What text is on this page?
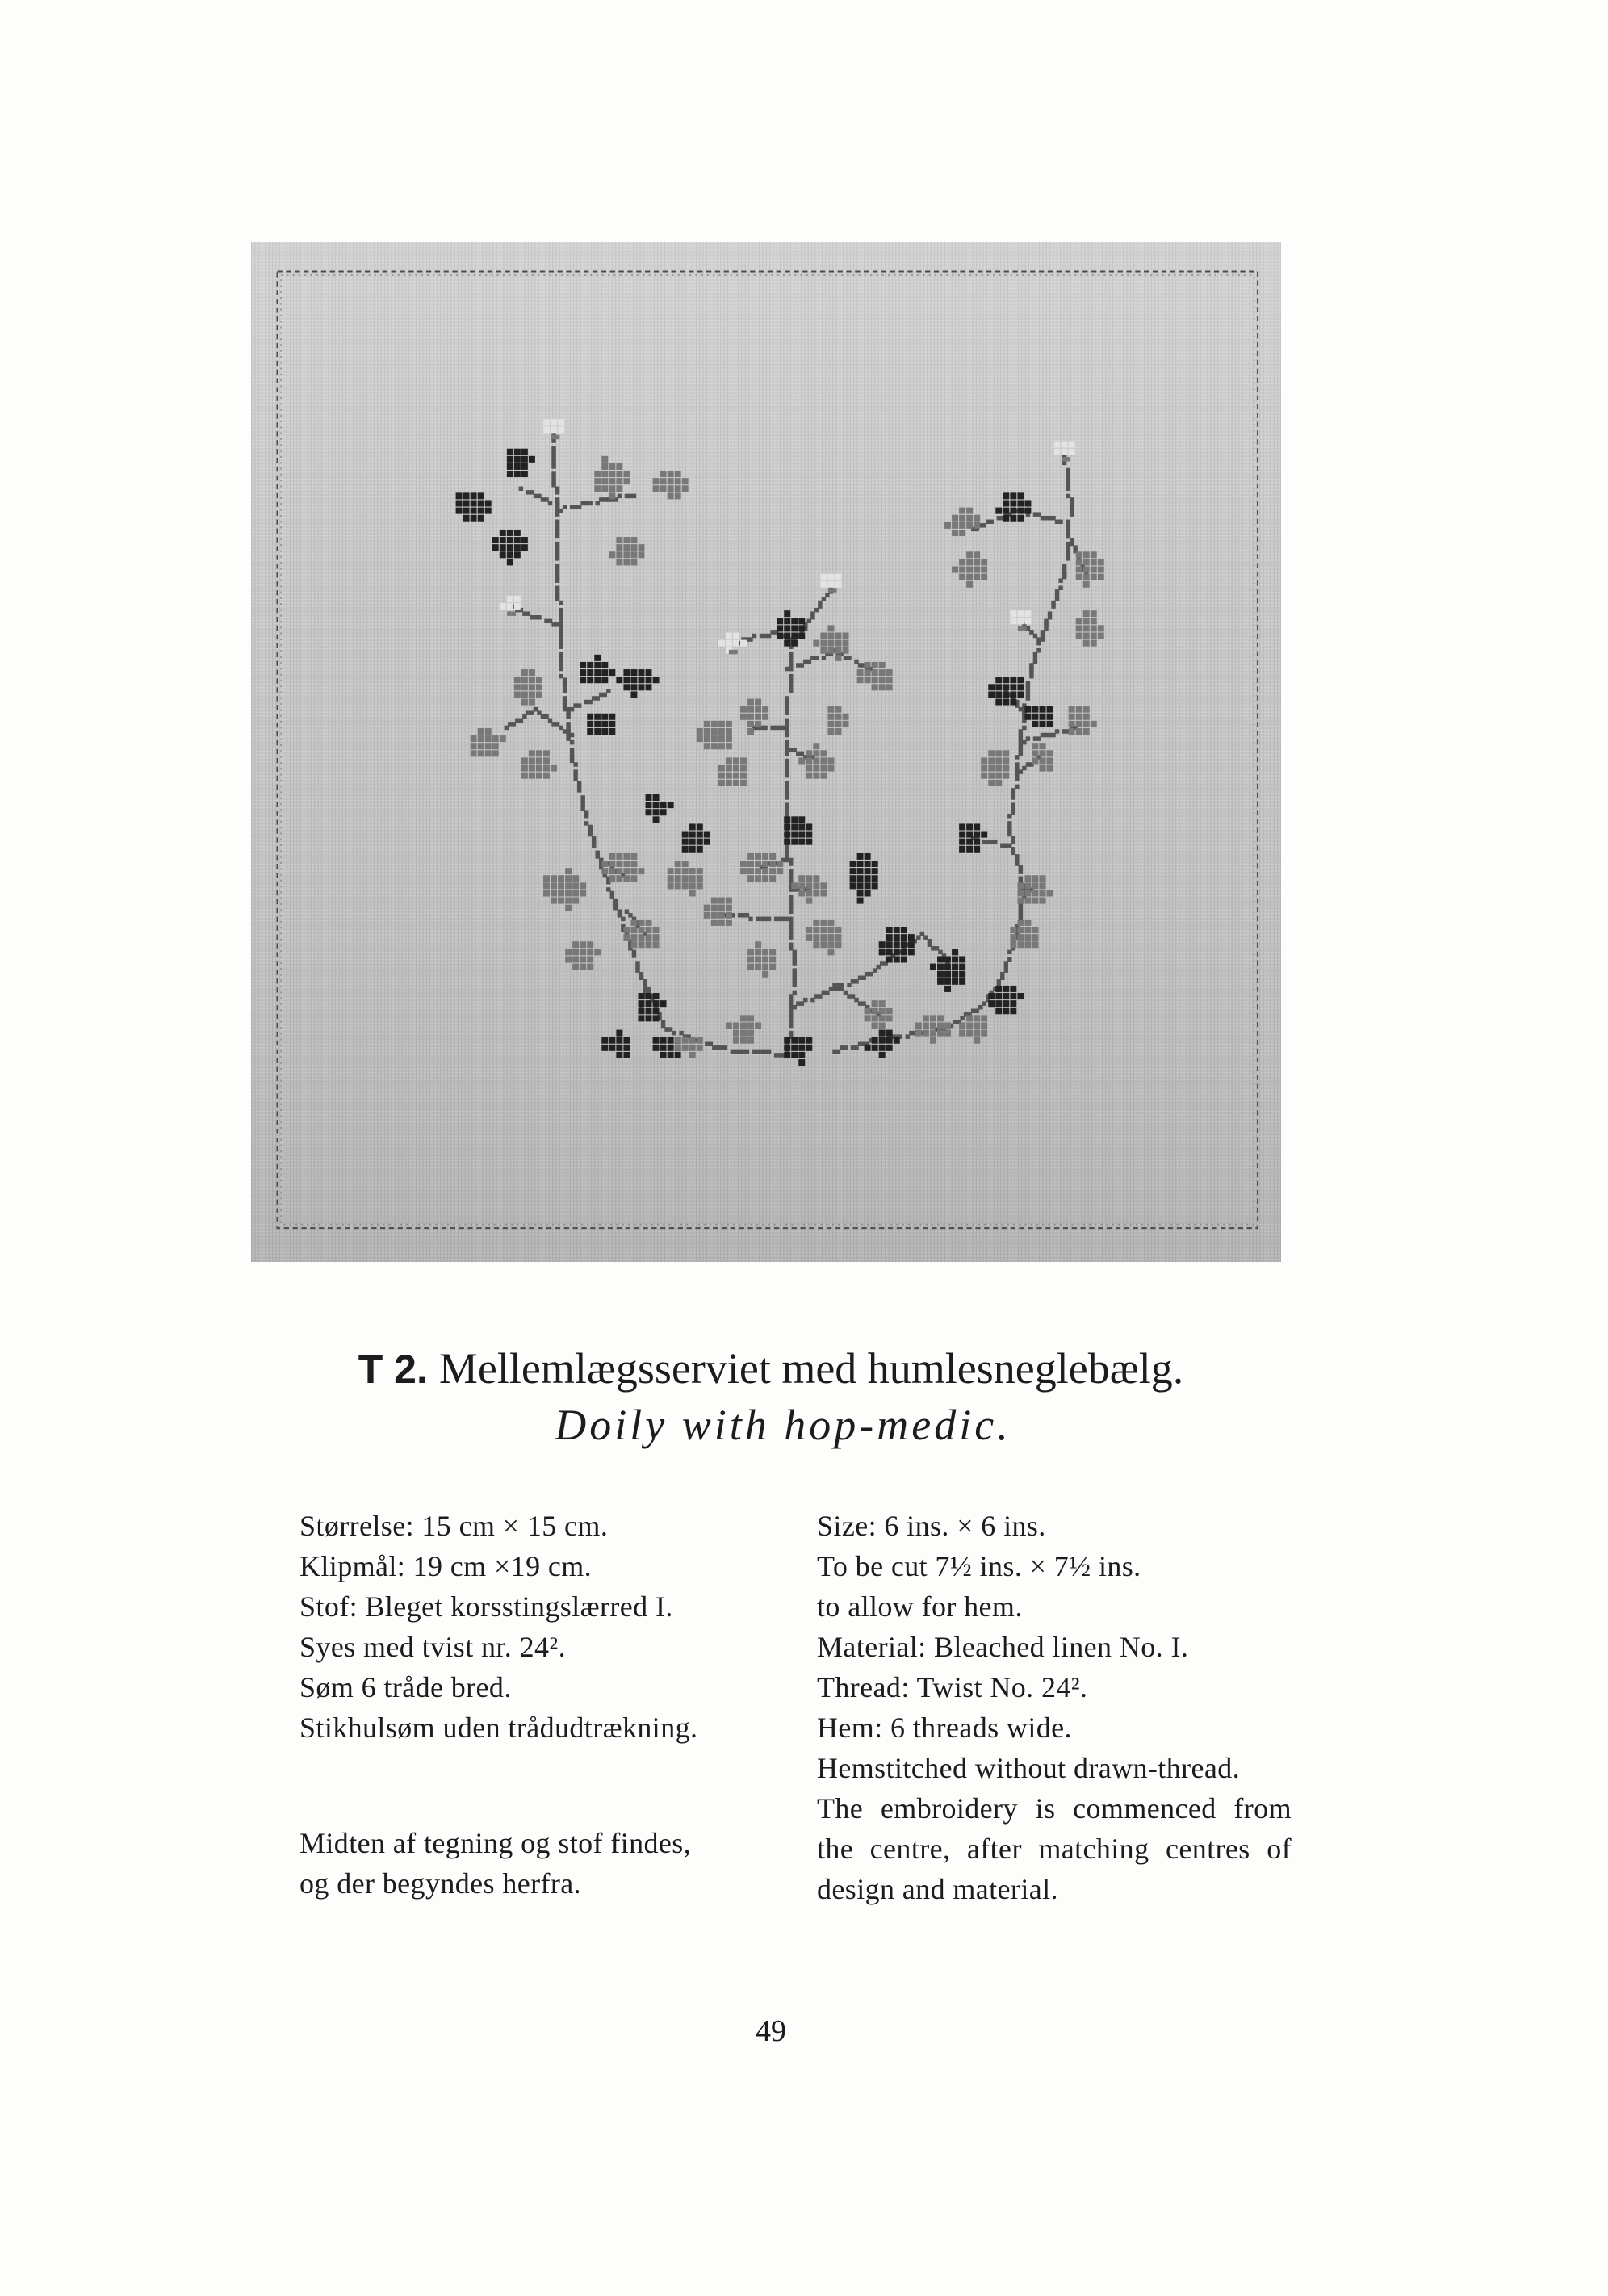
T 2. Mellemlægsserviet med humlesneglebælg.
Doily with hop-medic.
Størrelse: 15 cm × 15 cm.
Klipmål: 19 cm ×19 cm.
Stof: Bleget korsstingslærred I.
Syes med tvist nr. 24².
Søm 6 tråde bred.
Stikhulsøm uden trådudtrækning.
Midten af tegning og stof findes,
og der begyndes herfra.
Size: 6 ins. × 6 ins.
To be cut 7½ ins. × 7½ ins.
to allow for hem.
Material: Bleached linen No. I.
Thread: Twist No. 24².
Hem: 6 threads wide.
Hemstitched without drawn-thread.
The embroidery is commenced from
the centre, after matching centres of
design and material.
49
